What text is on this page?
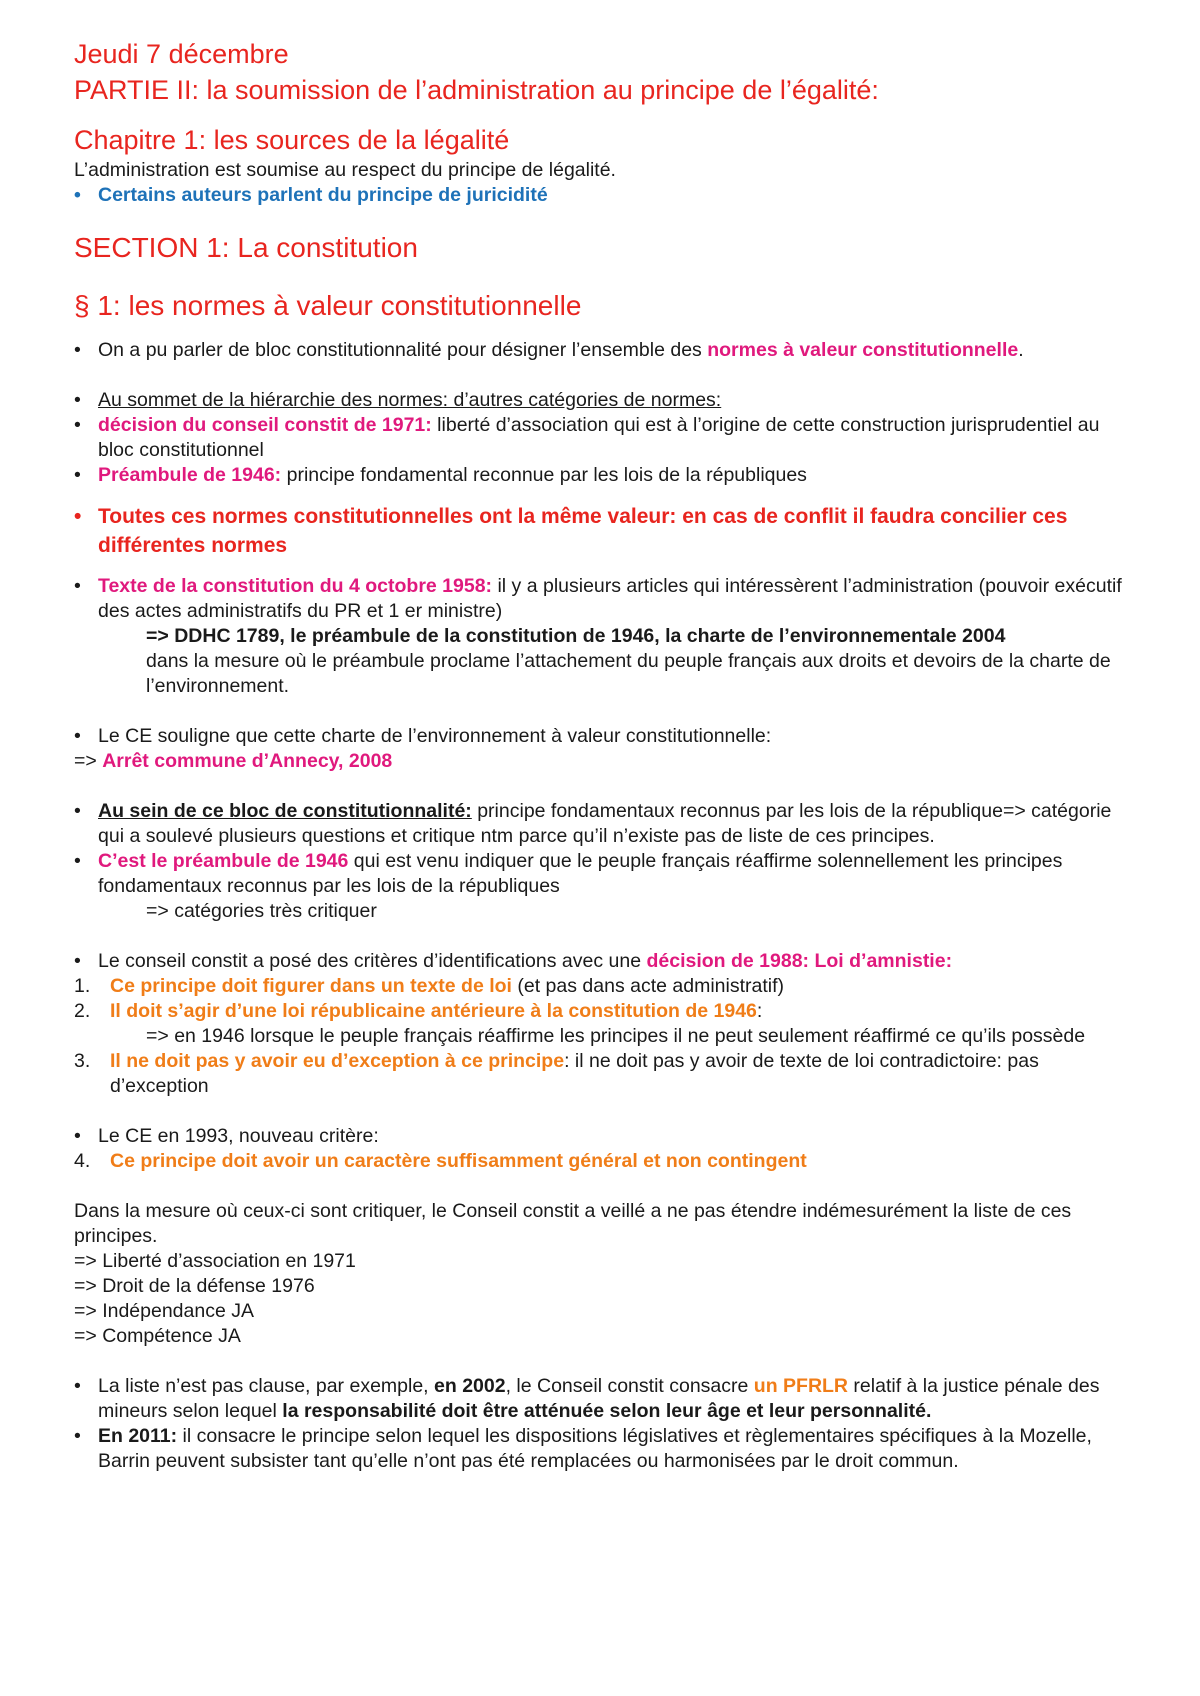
Jeudi 7 décembre
PARTIE II: la soumission de l’administration au principe de l’égalité:
Chapitre 1: les sources de la légalité

L’administration est soumise au respect du principe de légalité.

• Certains auteurs parlent du principe de juricidité

SECTION 1: La constitution
§ 1: les normes à valeur constitutionnelle

• On a pu parler de bloc constitutionnalité pour désigner l’ensemble des normes à valeur constitutionnelle.

• Au sommet de la hiérarchie des normes: d’autres catégories de normes:

• décision du conseil constit de 1971: liberté d’association qui est à l’origine de cette construction jurisprudentiel au bloc constitutionnel

• Préambule de 1946: principe fondamental reconnue par les lois de la républiques

• Toutes ces normes constitutionnelles ont la même valeur: en cas de conflit il faudra concilier ces différentes normes

• Texte de la constitution du 4 octobre 1958: il y a plusieurs articles qui intéressèrent l’administration (pouvoir exécutif des actes administratifs du PR et 1 er ministre)

=> DDHC 1789, le préambule de la constitution de 1946, la charte de l’environnementale 2004

dans la mesure où le préambule proclame l’attachement du peuple français aux droits et devoirs de la charte de l’environnement.

• Le CE souligne que cette charte de l’environnement à valeur constitutionnelle:

=> Arrêt commune d’Annecy, 2008

• Au sein de ce bloc de constitutionnalité: principe fondamentaux reconnus par les lois de la république=> catégorie qui a soulevé plusieurs questions et critique ntm parce qu’il n’existe pas de liste de ces principes.

• C’est le préambule de 1946 qui est venu indiquer que le peuple français réaffirme solennellement les principes fondamentaux reconnus par les lois de la républiques

=> catégories très critiquer

• Le conseil constit a posé des critères d’identifications avec une décision de 1988: Loi d’amnistie:

1. Ce principe doit figurer dans un texte de loi (et pas dans acte administratif)

2. Il doit s’agir d’une loi républicaine antérieure à la constitution de 1946:

=> en 1946 lorsque le peuple français réaffirme les principes il ne peut seulement réaffirmé ce qu’ils possède

3. Il ne doit pas y avoir eu d’exception à ce principe: il ne doit pas y avoir de texte de loi contradictoire: pas d’exception

• Le CE en 1993, nouveau critère:

4. Ce principe doit avoir un caractère suffisamment général et non contingent

Dans la mesure où ceux-ci sont critiquer, le Conseil constit a veillé a ne pas étendre indémesurément la liste de ces principes.

=> Liberté d’association en 1971

=> Droit de la défense 1976

=> Indépendance JA

=> Compétence JA

• La liste n’est pas clause, par exemple, en 2002, le Conseil constit consacre un PFRLR relatif à la justice pénale des mineurs selon lequel la responsabilité doit être atténuée selon leur âge et leur personnalité.

• En 2011: il consacre le principe selon lequel les dispositions législatives et règlementaires spécifiques à la Mozelle, Barrin peuvent subsister tant qu’elle n’ont pas été remplacées ou harmonisées par le droit commun.
